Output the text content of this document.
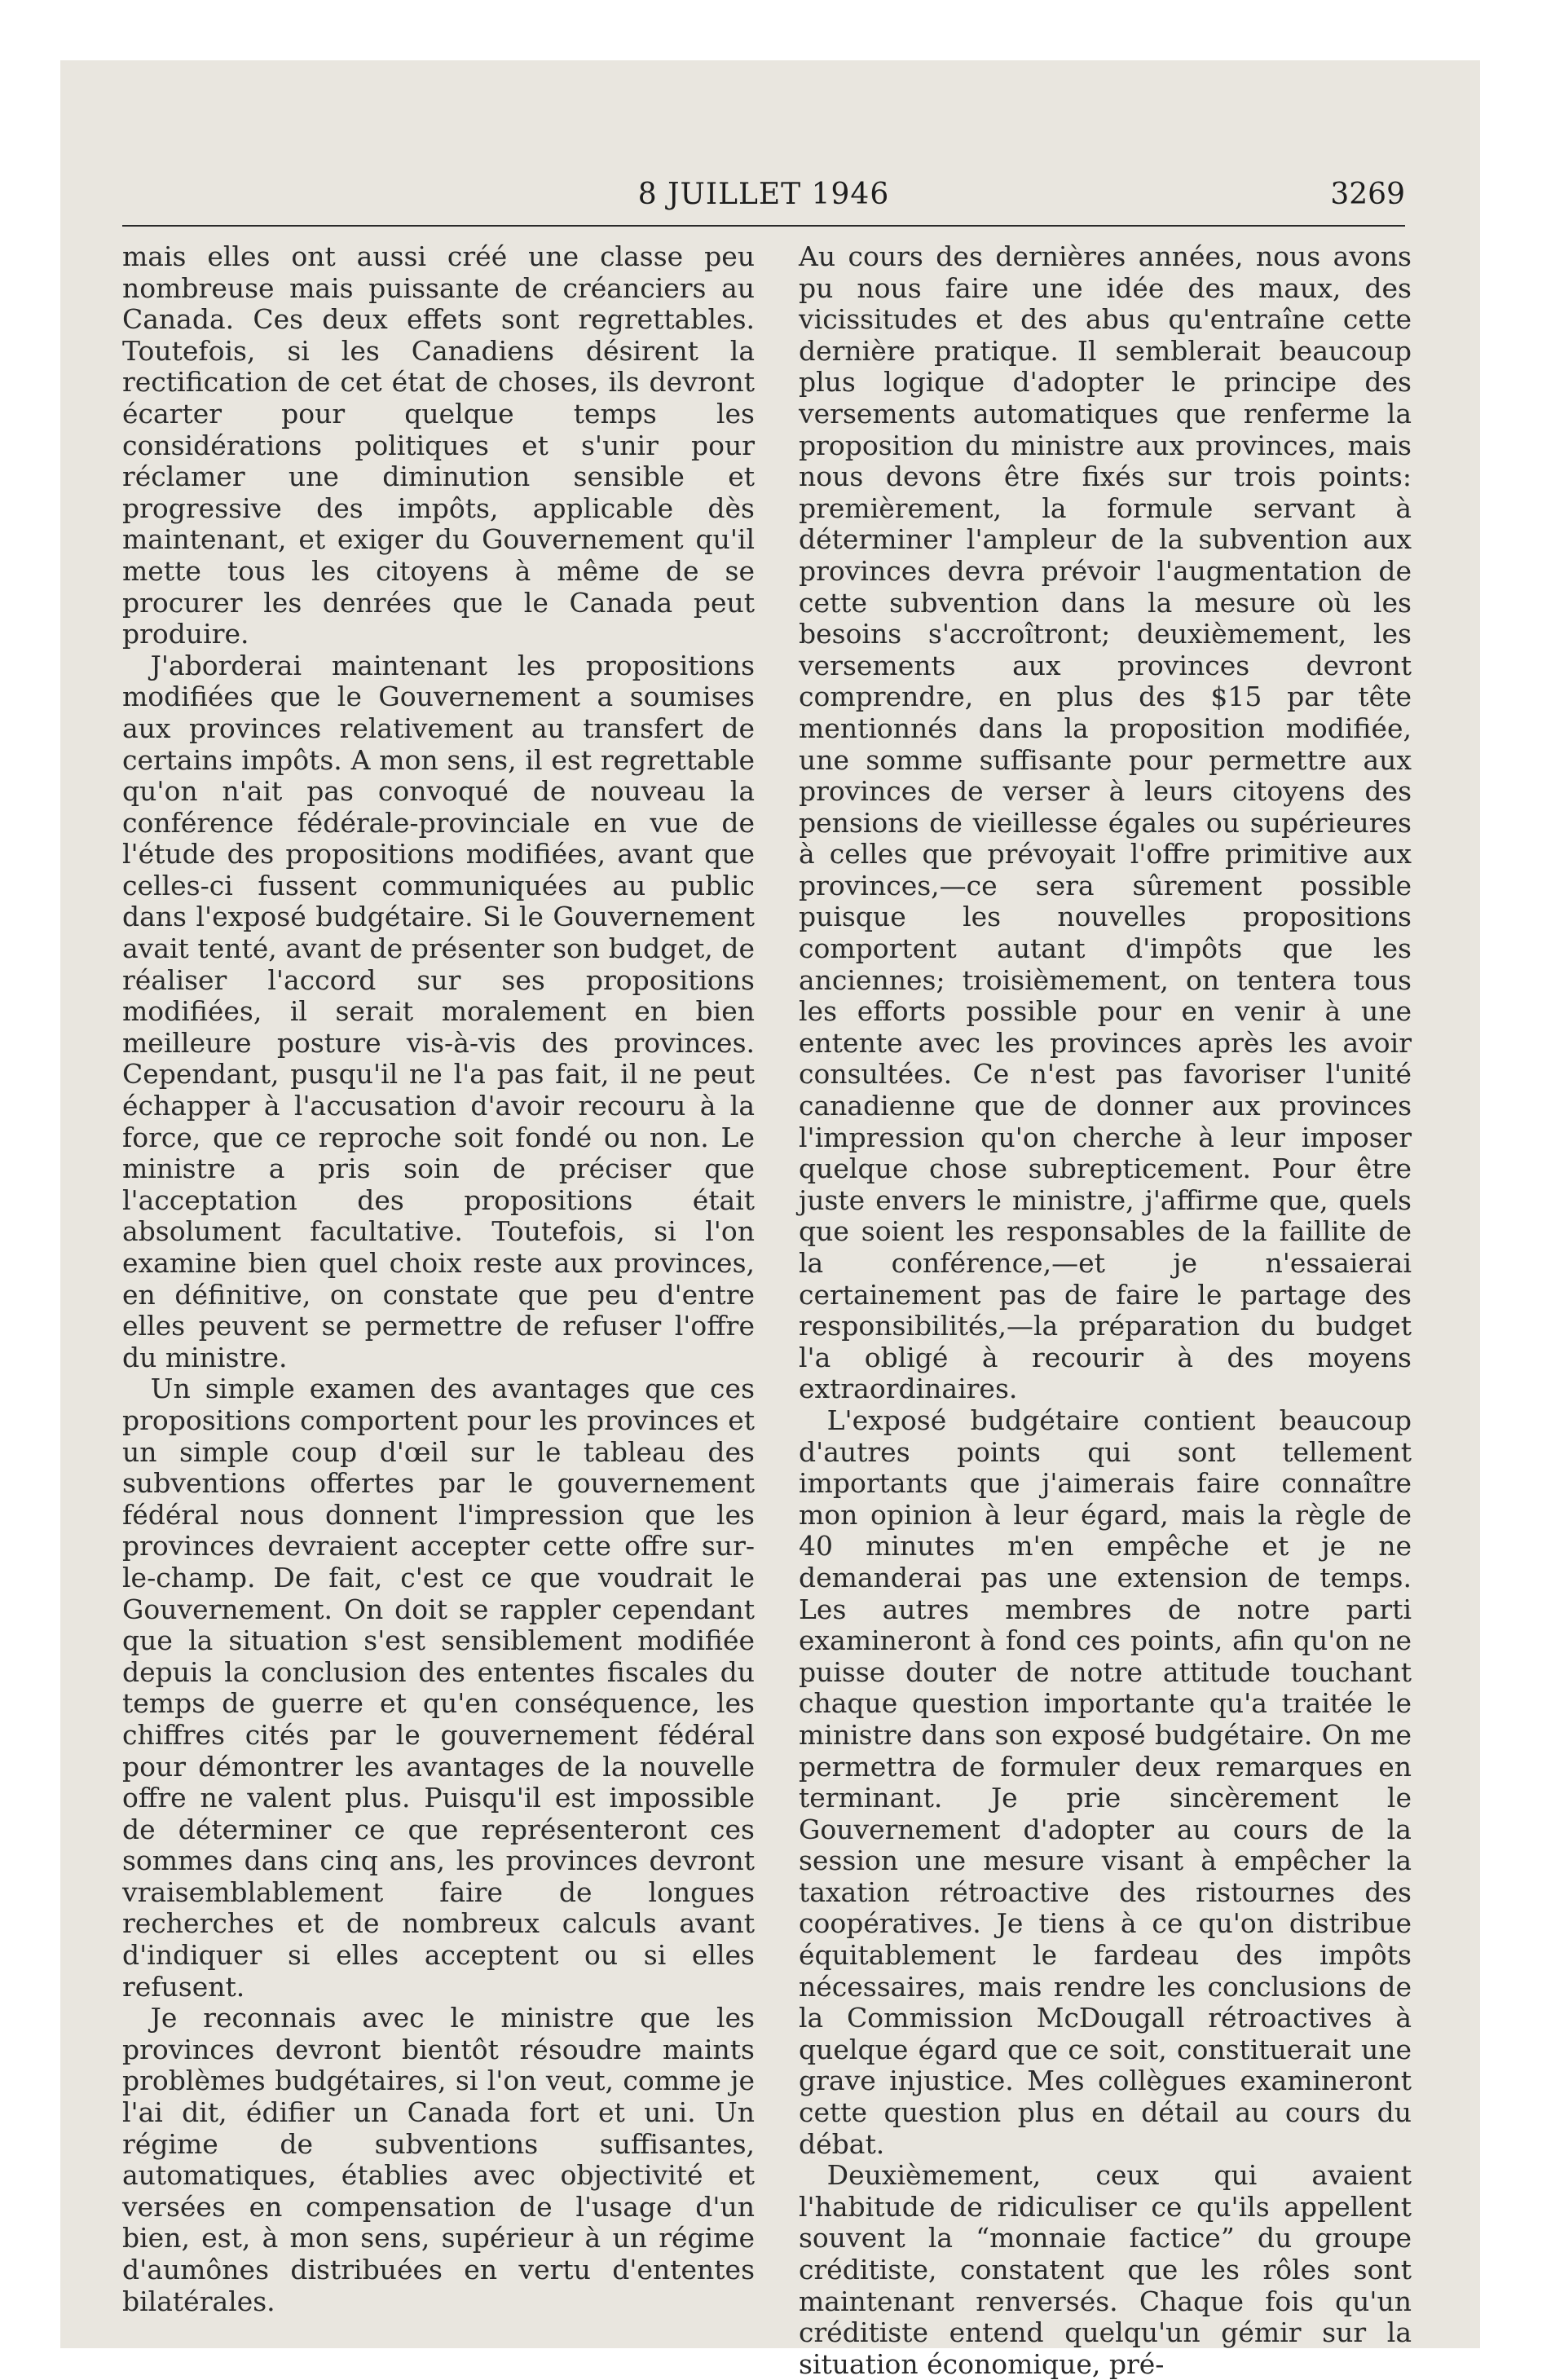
8 JUILLET 1946	3269

mais elles ont aussi créé une classe peu nombreuse mais puissante de créanciers au Canada. Ces deux effets sont regrettables. Toutefois, si les Canadiens désirent la rectification de cet état de choses, ils devront écarter pour quelque temps les considérations politiques et s'unir pour réclamer une diminution sensible et progressive des impôts, applicable dès maintenant, et exiger du Gouvernement qu'il mette tous les citoyens à même de se procurer les denrées que le Canada peut produire.

J'aborderai maintenant les propositions modifiées que le Gouvernement a soumises aux provinces relativement au transfert de certains impôts. A mon sens, il est regrettable qu'on n'ait pas convoqué de nouveau la conférence fédérale-provinciale en vue de l'étude des propositions modifiées, avant que celles-ci fussent communiquées au public dans l'exposé budgétaire. Si le Gouvernement avait tenté, avant de présenter son budget, de réaliser l'accord sur ses propositions modifiées, il serait moralement en bien meilleure posture vis-à-vis des provinces. Cependant, pusqu'il ne l'a pas fait, il ne peut échapper à l'accusation d'avoir recouru à la force, que ce reproche soit fondé ou non. Le ministre a pris soin de préciser que l'acceptation des propositions était absolument facultative. Toutefois, si l'on examine bien quel choix reste aux provinces, en définitive, on constate que peu d'entre elles peuvent se permettre de refuser l'offre du ministre.

Un simple examen des avantages que ces propositions comportent pour les provinces et un simple coup d'œil sur le tableau des subventions offertes par le gouvernement fédéral nous donnent l'impression que les provinces devraient accepter cette offre sur-le-champ. De fait, c'est ce que voudrait le Gouvernement. On doit se rappler cependant que la situation s'est sensiblement modifiée depuis la conclusion des ententes fiscales du temps de guerre et qu'en conséquence, les chiffres cités par le gouvernement fédéral pour démontrer les avantages de la nouvelle offre ne valent plus. Puisqu'il est impossible de déterminer ce que représenteront ces sommes dans cinq ans, les provinces devront vraisemblablement faire de longues recherches et de nombreux calculs avant d'indiquer si elles acceptent ou si elles refusent.

Je reconnais avec le ministre que les provinces devront bientôt résoudre maints problèmes budgétaires, si l'on veut, comme je l'ai dit, édifier un Canada fort et uni. Un régime de subventions suffisantes, automatiques, établies avec objectivité et versées en compensation de l'usage d'un bien, est, à mon sens, supérieur à un régime d'aumônes distribuées en vertu d'ententes bilatérales.

Au cours des dernières années, nous avons pu nous faire une idée des maux, des vicissitudes et des abus qu'entraîne cette dernière pratique. Il semblerait beaucoup plus logique d'adopter le principe des versements automatiques que renferme la proposition du ministre aux provinces, mais nous devons être fixés sur trois points: premièrement, la formule servant à déterminer l'ampleur de la subvention aux provinces devra prévoir l'augmentation de cette subvention dans la mesure où les besoins s'accroîtront; deuxièmement, les versements aux provinces devront comprendre, en plus des $15 par tête mentionnés dans la proposition modifiée, une somme suffisante pour permettre aux provinces de verser à leurs citoyens des pensions de vieillesse égales ou supérieures à celles que prévoyait l'offre primitive aux provinces,—ce sera sûrement possible puisque les nouvelles propositions comportent autant d'impôts que les anciennes; troisièmement, on tentera tous les efforts possible pour en venir à une entente avec les provinces après les avoir consultées. Ce n'est pas favoriser l'unité canadienne que de donner aux provinces l'impression qu'on cherche à leur imposer quelque chose subrepticement. Pour être juste envers le ministre, j'affirme que, quels que soient les responsables de la faillite de la conférence,—et je n'essaierai certainement pas de faire le partage des responsibilités,—la préparation du budget l'a obligé à recourir à des moyens extraordinaires.

L'exposé budgétaire contient beaucoup d'autres points qui sont tellement importants que j'aimerais faire connaître mon opinion à leur égard, mais la règle de 40 minutes m'en empêche et je ne demanderai pas une extension de temps. Les autres membres de notre parti examineront à fond ces points, afin qu'on ne puisse douter de notre attitude touchant chaque question importante qu'a traitée le ministre dans son exposé budgétaire. On me permettra de formuler deux remarques en terminant. Je prie sincèrement le Gouvernement d'adopter au cours de la session une mesure visant à empêcher la taxation rétroactive des ristournes des coopératives. Je tiens à ce qu'on distribue équitablement le fardeau des impôts nécessaires, mais rendre les conclusions de la Commission McDougall rétroactives à quelque égard que ce soit, constituerait une grave injustice. Mes collègues examineront cette question plus en détail au cours du débat.

Deuxièmement, ceux qui avaient l'habitude de ridiculiser ce qu'ils appellent souvent la “monnaie factice” du groupe créditiste, constatent que les rôles sont maintenant renversés. Chaque fois qu'un créditiste entend quelqu'un gémir sur la situation économique, pré-
